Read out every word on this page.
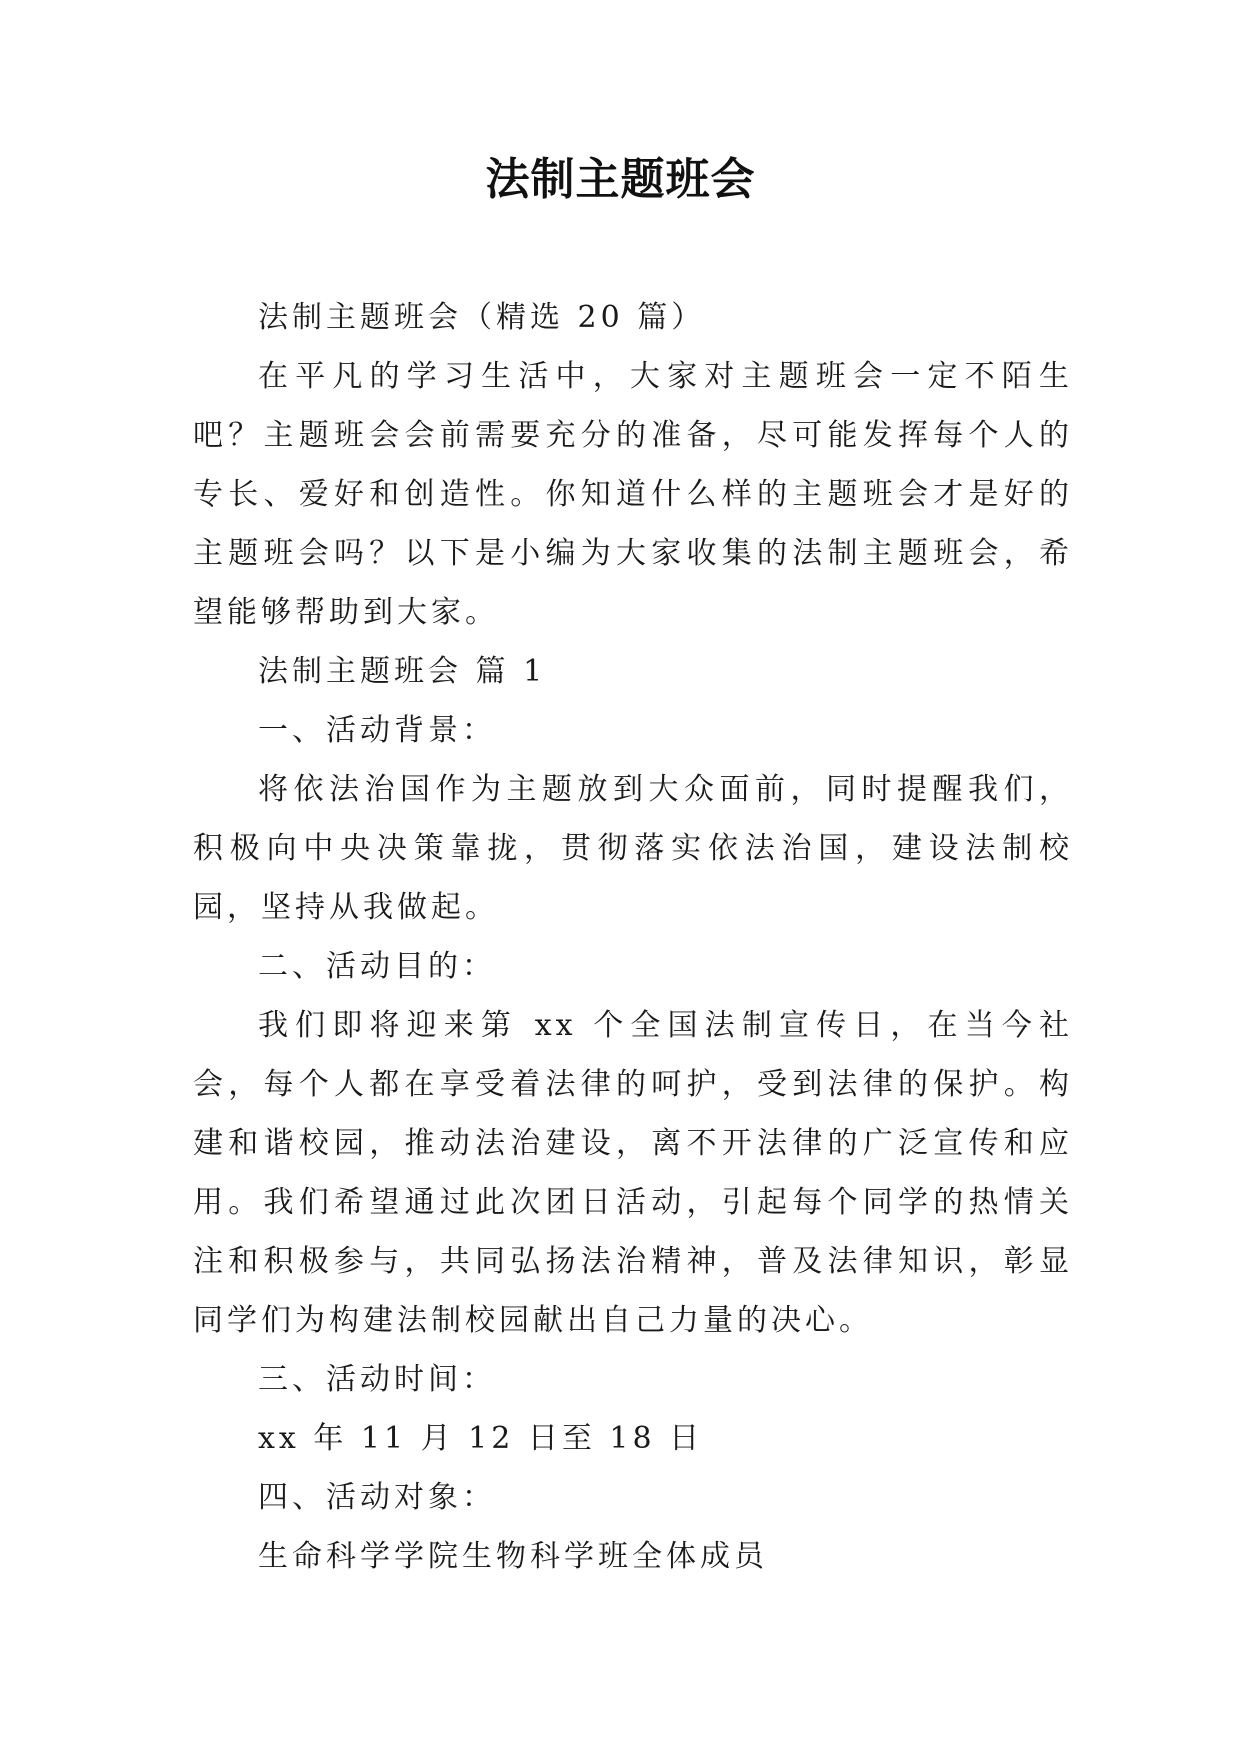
法制主题班会

法制主题班会（精选 20 篇）

在平凡的学习生活中，大家对主题班会一定不陌生吧？主题班会会前需要充分的准备，尽可能发挥每个人的专长、爱好和创造性。你知道什么样的主题班会才是好的主题班会吗？以下是小编为大家收集的法制主题班会，希望能够帮助到大家。

法制主题班会 篇 1

一、活动背景：

将依法治国作为主题放到大众面前，同时提醒我们，积极向中央决策靠拢，贯彻落实依法治国，建设法制校园，坚持从我做起。

二、活动目的：

我们即将迎来第 xx 个全国法制宣传日，在当今社会，每个人都在享受着法律的呵护，受到法律的保护。构建和谐校园，推动法治建设，离不开法律的广泛宣传和应用。我们希望通过此次团日活动，引起每个同学的热情关注和积极参与，共同弘扬法治精神，普及法律知识，彰显同学们为构建法制校园献出自己力量的决心。

三、活动时间：

xx 年 11 月 12 日至 18 日

四、活动对象：

生命科学学院生物科学班全体成员
